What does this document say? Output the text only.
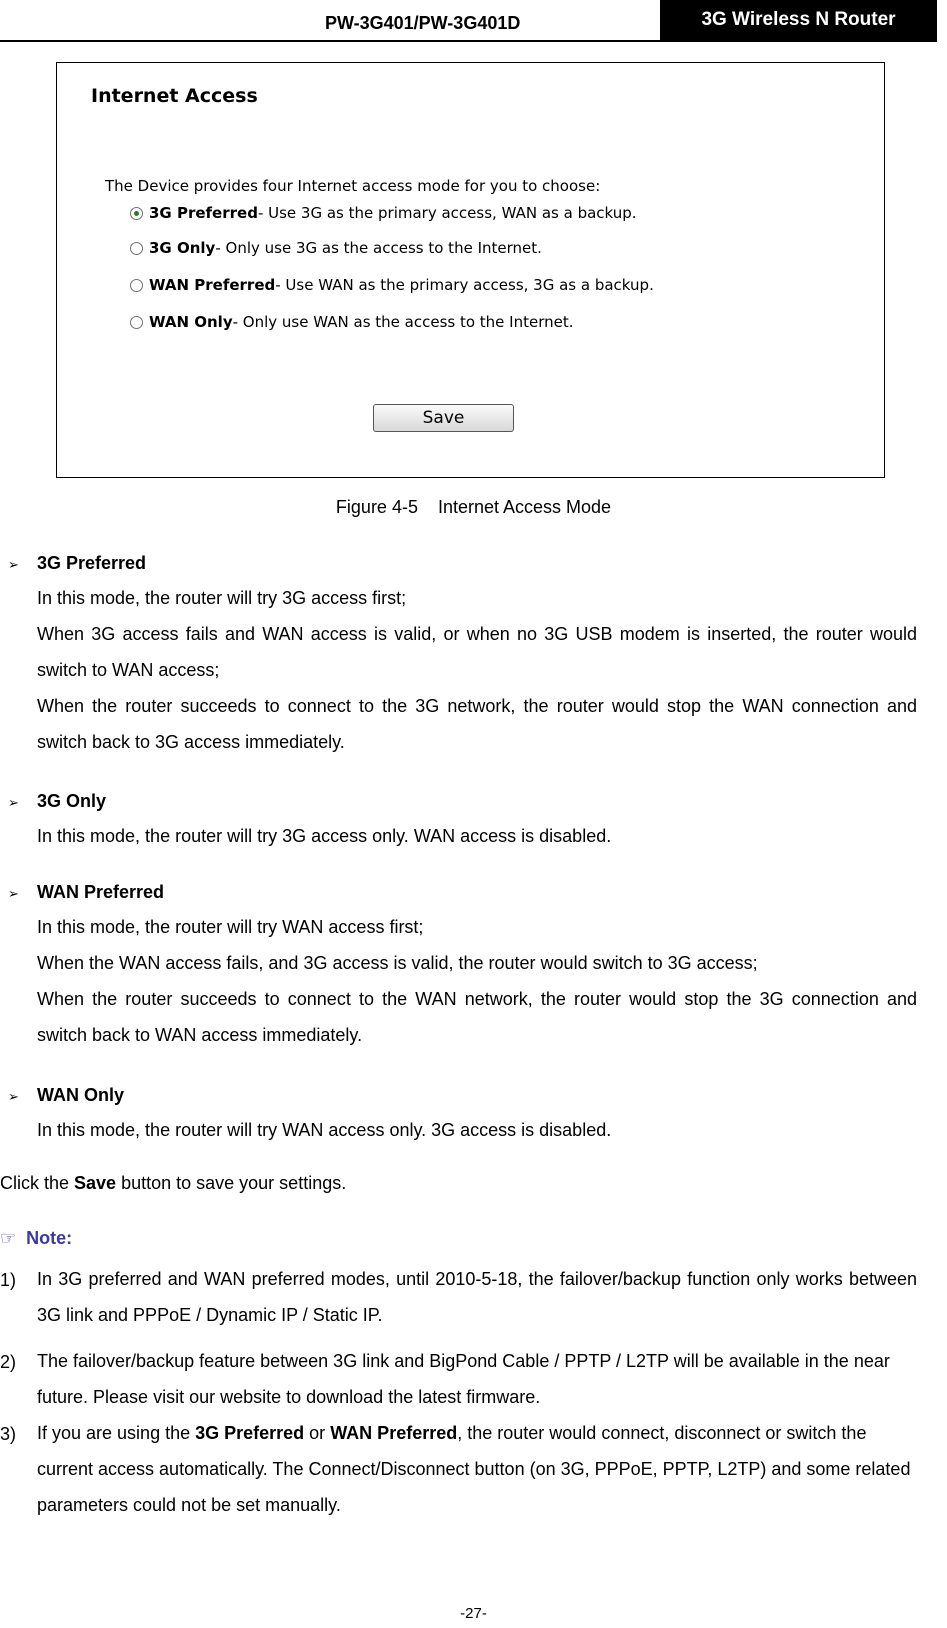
PW-3G401/PW-3G401D	3G Wireless N Router
Internet Access
The Device provides four Internet access mode for you to choose:
3G Preferred - Use 3G as the primary access, WAN as a backup.
3G Only - Only use 3G as the access to the Internet.
WAN Preferred - Use WAN as the primary access, 3G as a backup.
WAN Only - Only use WAN as the access to the Internet.
Save
Figure 4-5    Internet Access Mode
➢ 3G Preferred
In this mode, the router will try 3G access first;
When 3G access fails and WAN access is valid, or when no 3G USB modem is inserted, the router would switch to WAN access;
When the router succeeds to connect to the 3G network, the router would stop the WAN connection and switch back to 3G access immediately.
➢ 3G Only
In this mode, the router will try 3G access only. WAN access is disabled.
➢ WAN Preferred
In this mode, the router will try WAN access first;
When the WAN access fails, and 3G access is valid, the router would switch to 3G access;
When the router succeeds to connect to the WAN network, the router would stop the 3G connection and switch back to WAN access immediately.
➢ WAN Only
In this mode, the router will try WAN access only. 3G access is disabled.
Click the Save button to save your settings.
☞ Note:
1) In 3G preferred and WAN preferred modes, until 2010-5-18, the failover/backup function only works between 3G link and PPPoE / Dynamic IP / Static IP.
2) The failover/backup feature between 3G link and BigPond Cable / PPTP / L2TP will be available in the near future. Please visit our website to download the latest firmware.
3) If you are using the 3G Preferred or WAN Preferred, the router would connect, disconnect or switch the current access automatically. The Connect/Disconnect button (on 3G, PPPoE, PPTP, L2TP) and some related parameters could not be set manually.
-27-
